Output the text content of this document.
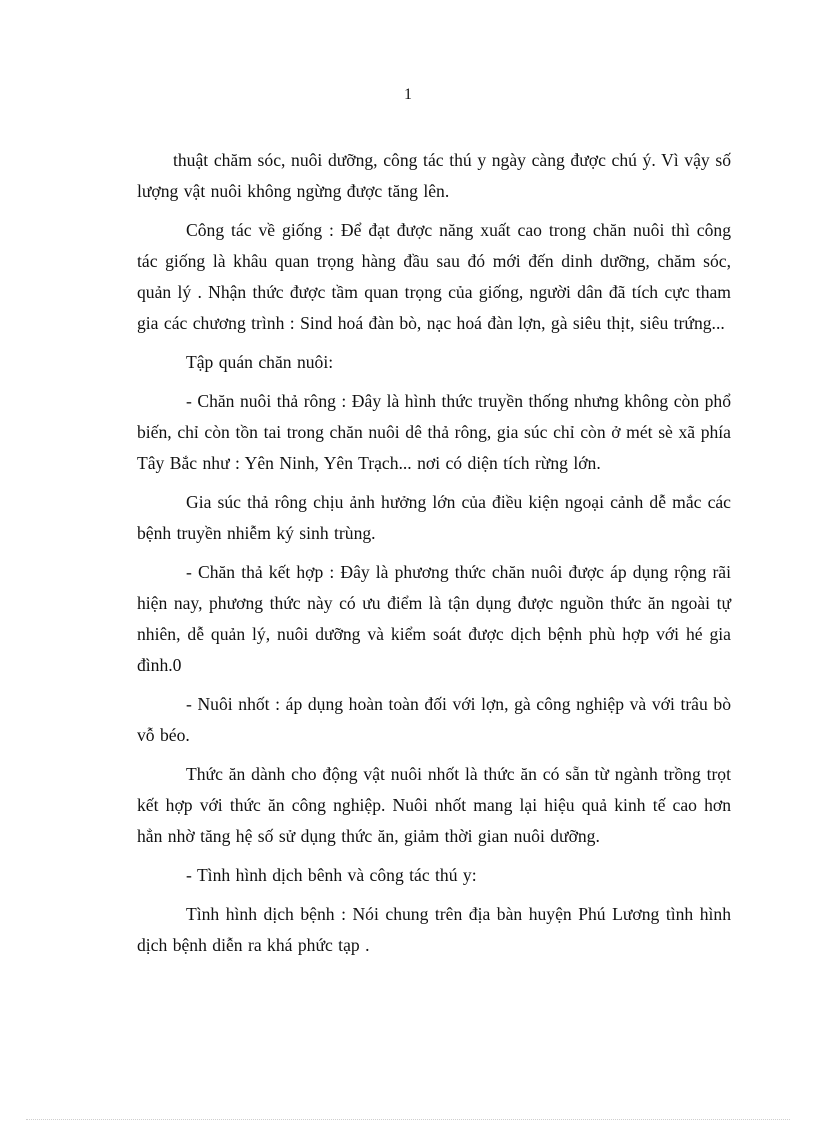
1

thuật chăm sóc, nuôi dưỡng, công tác thú y ngày càng được chú ý. Vì vậy số lượng vật nuôi không ngừng được tăng lên.

Công tác về giống : Để đạt được năng xuất cao trong chăn nuôi thì công tác giống là khâu quan trọng hàng đầu sau đó mới đến dinh dưỡng, chăm sóc, quản lý . Nhận thức được tầm quan trọng của giống, người dân đã tích cực tham gia các chương trình : Sind hoá đàn bò, nạc hoá đàn lợn, gà siêu thịt, siêu trứng...

Tập quán chăn nuôi:

- Chăn nuôi thả rông : Đây là hình thức truyền thống nhưng không còn phổ biến, chỉ còn tồn tai trong chăn nuôi dê thả rông, gia súc chỉ còn ở mét sè xã phía Tây Bắc như : Yên Ninh, Yên Trạch... nơi có diện tích rừng lớn.

Gia súc thả rông chịu ảnh hưởng lớn của điều kiện ngoại cảnh dễ mắc các bệnh truyền nhiễm ký sinh trùng.

- Chăn thả kết hợp : Đây là phương thức chăn nuôi được áp dụng rộng rãi hiện nay, phương thức này có ưu điểm là tận dụng được nguồn thức ăn ngoài tự nhiên, dễ quản lý, nuôi dưỡng và kiểm soát được dịch bệnh phù hợp với hé gia đình.0

- Nuôi nhốt : áp dụng hoàn toàn đối với lợn, gà công nghiệp và với trâu bò vỗ béo.

Thức ăn dành cho động vật nuôi nhốt là thức ăn có sẵn từ ngành trồng trọt kết hợp với thức ăn công nghiệp. Nuôi nhốt mang lại hiệu quả kinh tế cao hơn hẳn nhờ tăng hệ số sử dụng thức ăn, giảm thời gian nuôi dưỡng.

- Tình hình dịch bênh và công tác thú y:

Tình hình dịch bệnh : Nói chung trên địa bàn huyện Phú Lương tình hình dịch bệnh diễn ra khá phức tạp .
